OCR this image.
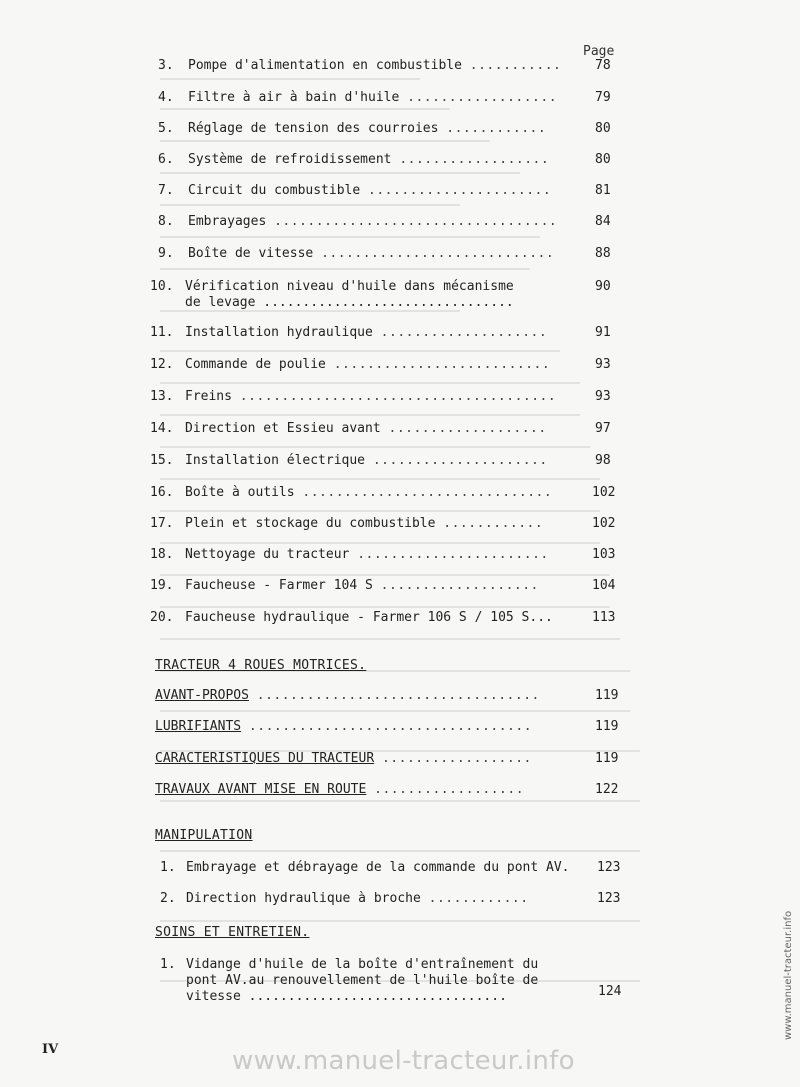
Page
3. Pompe d'alimentation en combustible ...........	78
4. Filtre à air à bain d'huile ..................	79
5. Réglage de tension des courroies ............	80
6. Système de refroidissement ..................	80
7. Circuit du combustible ......................	81
8. Embrayages ..................................	84
9. Boîte de vitesse ............................	88
10. Vérification niveau d'huile dans mécanisme	90
de levage ................................
11. Installation hydraulique ....................	91
12. Commande de poulie ..........................	93
13. Freins ......................................	93
14. Direction et Essieu avant ...................	97
15. Installation électrique .....................	98
16. Boîte à outils ..............................	102
17. Plein et stockage du combustible ............	102
18. Nettoyage du tracteur .......................	103
19. Faucheuse - Farmer 104 S ...................	104
20. Faucheuse hydraulique - Farmer 106 S / 105 S...	113
TRACTEUR 4 ROUES MOTRICES.
AVANT-PROPOS ..................................	119
LUBRIFIANTS ..................................	119
CARACTERISTIQUES DU TRACTEUR ..................	119
TRAVAUX AVANT MISE EN ROUTE ..................	122
MANIPULATION
1. Embrayage et débrayage de la commande du pont AV. 123
2. Direction hydraulique à broche ............	123
SOINS ET ENTRETIEN.
1. Vidange d'huile de la boîte d'entraînement du
pont AV.au renouvellement de l'huile boîte de
vitesse .................................	124
IV	www.manuel-tracteur.info
www.manuel-tracteur.info
